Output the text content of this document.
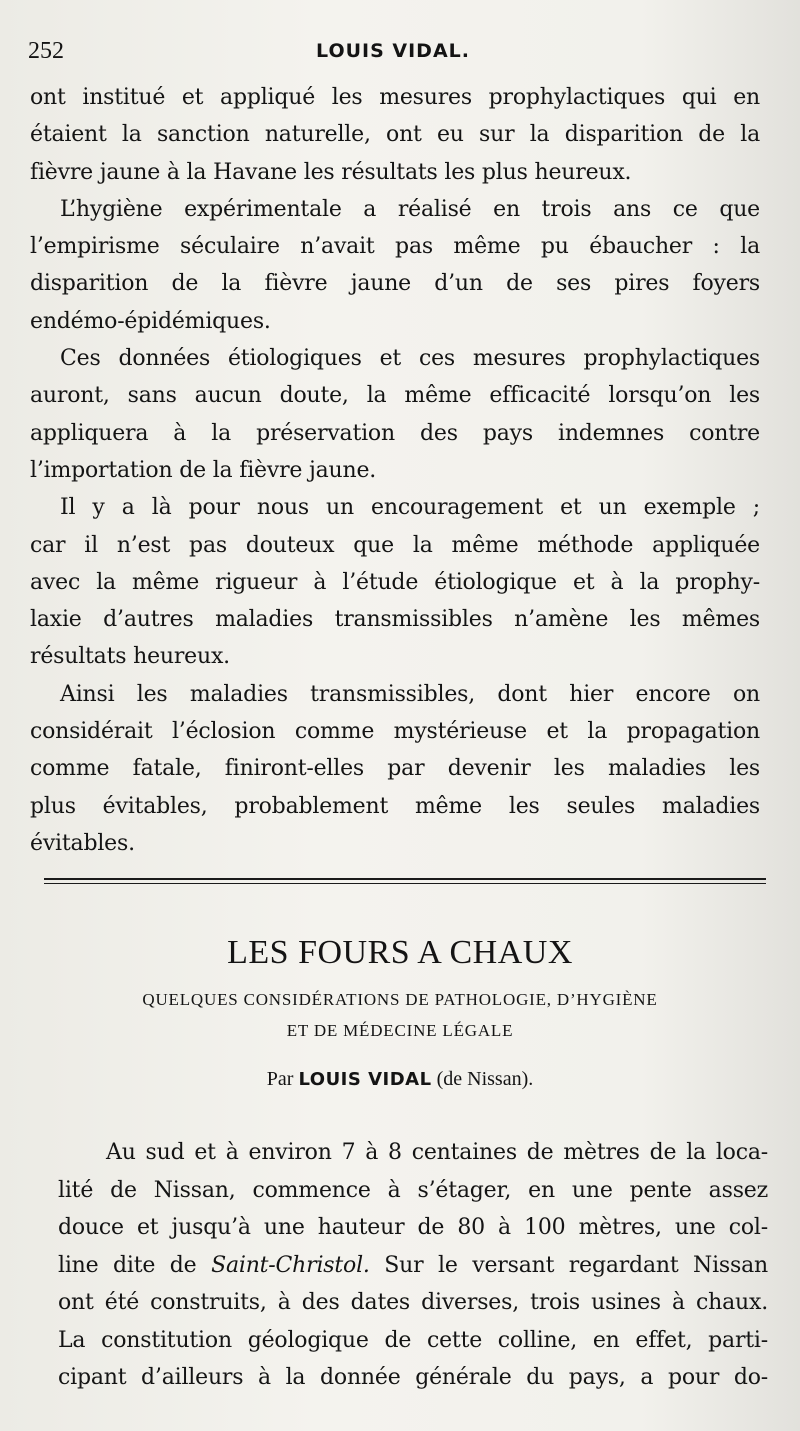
252	LOUIS VIDAL.
ont institué et appliqué les mesures prophylactiques qui en
étaient la sanction naturelle, ont eu sur la disparition de la
fièvre jaune à la Havane les résultats les plus heureux.
L’hygiène expérimentale a réalisé en trois ans ce que
l’empirisme séculaire n’avait pas même pu ébaucher : la
disparition de la fièvre jaune d’un de ses pires foyers
endémo-épidémiques.
Ces données étiologiques et ces mesures prophylactiques
auront, sans aucun doute, la même efficacité lorsqu’on les
appliquera à la préservation des pays indemnes contre
l’importation de la fièvre jaune.
Il y a là pour nous un encouragement et un exemple ;
car il n’est pas douteux que la même méthode appliquée
avec la même rigueur à l’étude étiologique et à la prophy-
laxie d’autres maladies transmissibles n’amène les mêmes
résultats heureux.
Ainsi les maladies transmissibles, dont hier encore on
considérait l’éclosion comme mystérieuse et la propagation
comme fatale, finiront-elles par devenir les maladies les
plus évitables, probablement même les seules maladies
évitables.
LES FOURS A CHAUX
QUELQUES CONSIDÉRATIONS DE PATHOLOGIE, D’HYGIÈNE
ET DE MÉDECINE LÉGALE
Par LOUIS VIDAL (de Nissan).
Au sud et à environ 7 à 8 centaines de mètres de la loca-
lité de Nissan, commence à s’étager, en une pente assez
douce et jusqu’à une hauteur de 80 à 100 mètres, une col-
line dite de Saint-Christol. Sur le versant regardant Nissan
ont été construits, à des dates diverses, trois usines à chaux.
La constitution géologique de cette colline, en effet, parti-
cipant d’ailleurs à la donnée générale du pays, a pour do-
